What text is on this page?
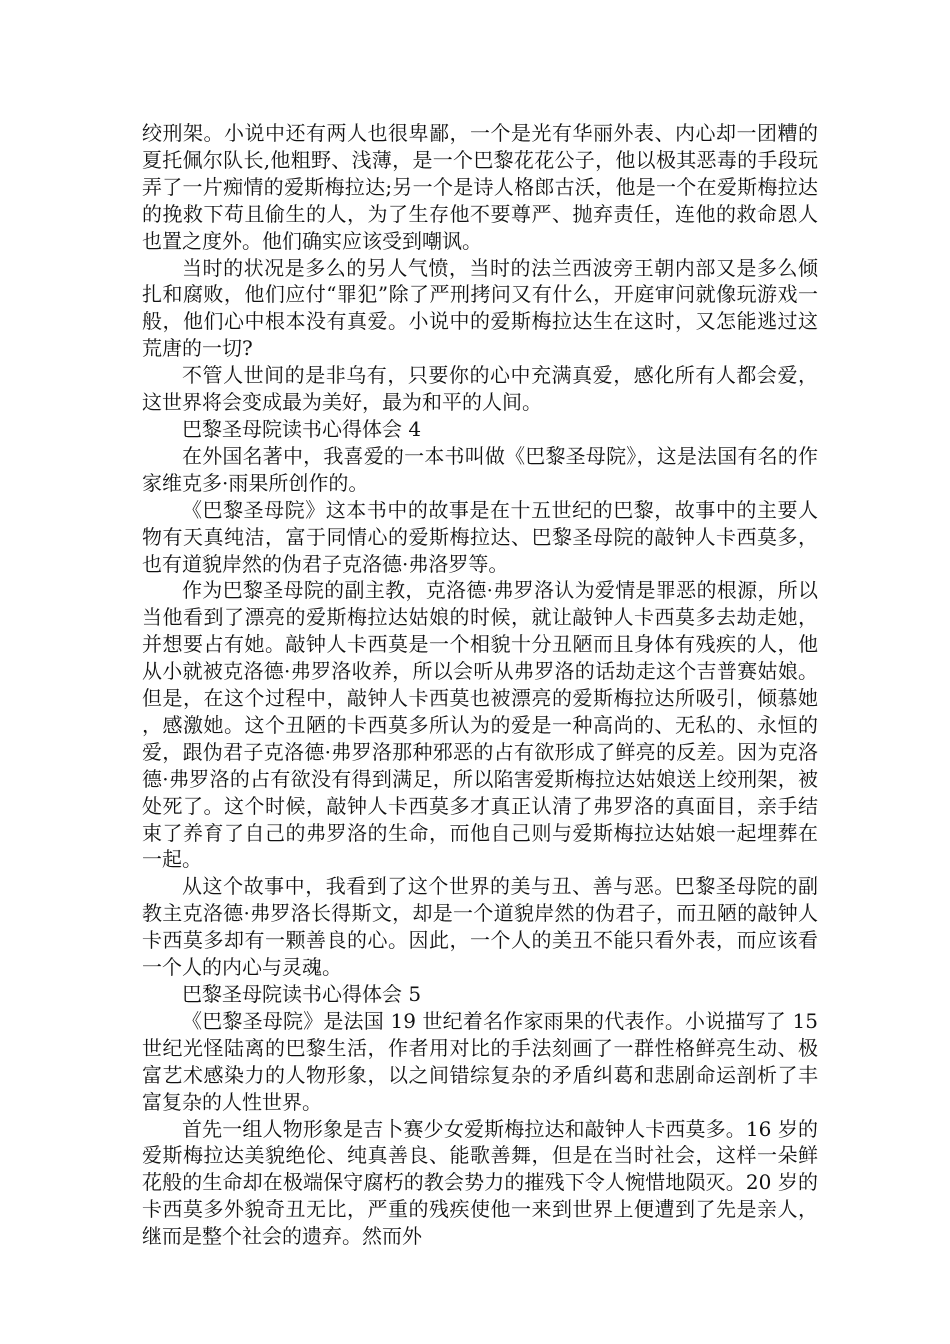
绞刑架。小说中还有两人也很卑鄙，一个是光有华丽外表、内心却一团糟的夏托佩尔队长,他粗野、浅薄，是一个巴黎花花公子，他以极其恶毒的手段玩弄了一片痴情的爱斯梅拉达;另一个是诗人格郎古沃，他是一个在爱斯梅拉达的挽救下苟且偷生的人，为了生存他不要尊严、抛弃责任，连他的救命恩人也置之度外。他们确实应该受到嘲讽。

当时的状况是多么的另人气愤，当时的法兰西波旁王朝内部又是多么倾扎和腐败，他们应付“罪犯”除了严刑拷问又有什么，开庭审问就像玩游戏一般，他们心中根本没有真爱。小说中的爱斯梅拉达生在这时，又怎能逃过这荒唐的一切?

不管人世间的是非乌有，只要你的心中充满真爱，感化所有人都会爱，这世界将会变成最为美好，最为和平的人间。

巴黎圣母院读书心得体会 4

在外国名著中，我喜爱的一本书叫做《巴黎圣母院》，这是法国有名的作家维克多·雨果所创作的。

《巴黎圣母院》这本书中的故事是在十五世纪的巴黎，故事中的主要人物有天真纯洁，富于同情心的爱斯梅拉达、巴黎圣母院的敲钟人卡西莫多，也有道貌岸然的伪君子克洛德·弗洛罗等。

作为巴黎圣母院的副主教，克洛德·弗罗洛认为爱情是罪恶的根源，所以当他看到了漂亮的爱斯梅拉达姑娘的时候，就让敲钟人卡西莫多去劫走她，并想要占有她。敲钟人卡西莫是一个相貌十分丑陋而且身体有残疾的人，他从小就被克洛德·弗罗洛收养，所以会听从弗罗洛的话劫走这个吉普赛姑娘。但是，在这个过程中，敲钟人卡西莫也被漂亮的爱斯梅拉达所吸引，倾慕她，感激她。这个丑陋的卡西莫多所认为的爱是一种高尚的、无私的、永恒的爱，跟伪君子克洛德·弗罗洛那种邪恶的占有欲形成了鲜亮的反差。因为克洛德·弗罗洛的占有欲没有得到满足，所以陷害爱斯梅拉达姑娘送上绞刑架，被处死了。这个时候，敲钟人卡西莫多才真正认清了弗罗洛的真面目，亲手结束了养育了自己的弗罗洛的生命，而他自己则与爱斯梅拉达姑娘一起埋葬在一起。

从这个故事中，我看到了这个世界的美与丑、善与恶。巴黎圣母院的副教主克洛德·弗罗洛长得斯文，却是一个道貌岸然的伪君子，而丑陋的敲钟人卡西莫多却有一颗善良的心。因此，一个人的美丑不能只看外表，而应该看一个人的内心与灵魂。

巴黎圣母院读书心得体会 5

《巴黎圣母院》是法国 19 世纪着名作家雨果的代表作。小说描写了 15 世纪光怪陆离的巴黎生活，作者用对比的手法刻画了一群性格鲜亮生动、极富艺术感染力的人物形象，以之间错综复杂的矛盾纠葛和悲剧命运剖析了丰富复杂的人性世界。

首先一组人物形象是吉卜赛少女爱斯梅拉达和敲钟人卡西莫多。16 岁的爱斯梅拉达美貌绝伦、纯真善良、能歌善舞，但是在当时社会，这样一朵鲜花般的生命却在极端保守腐朽的教会势力的摧残下令人惋惜地陨灭。20 岁的卡西莫多外貌奇丑无比，严重的残疾使他一来到世界上便遭到了先是亲人，继而是整个社会的遗弃。然而外
